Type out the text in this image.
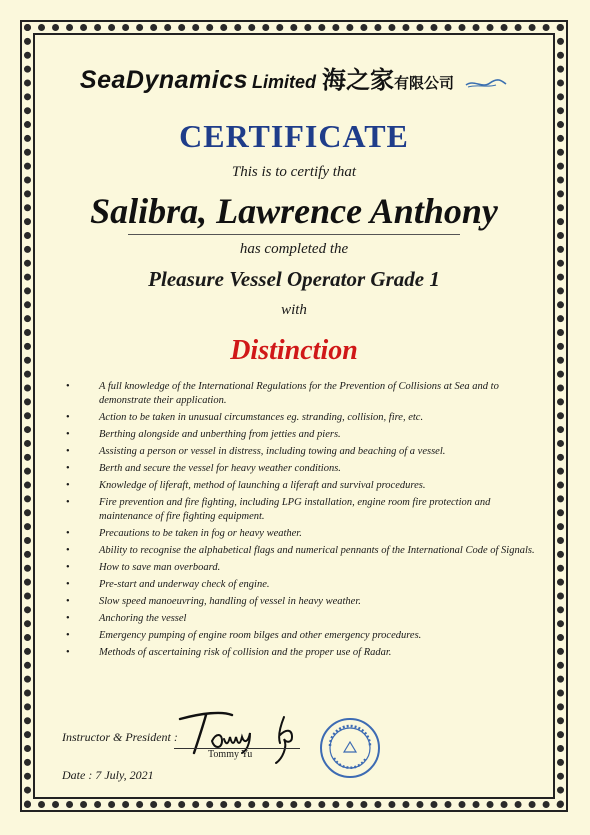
SeaDynamics Limited 海之家有限公司
CERTIFICATE
This is to certify that
Salibra, Lawrence Anthony
has completed the
Pleasure Vessel Operator Grade 1
with
Distinction
• A full knowledge of the International Regulations for the Prevention of Collisions at Sea and to demonstrate their application.
• Action to be taken in unusual circumstances eg. stranding, collision, fire, etc.
• Berthing alongside and unberthing from jetties and piers.
• Assisting a person or vessel in distress, including towing and beaching of a vessel.
• Berth and secure the vessel for heavy weather conditions.
• Knowledge of liferaft, method of launching a liferaft and survival procedures.
• Fire prevention and fire fighting, including LPG installation, engine room fire protection and maintenance of fire fighting equipment.
• Precautions to be taken in fog or heavy weather.
• Ability to recognise the alphabetical flags and numerical pennants of the International Code of Signals.
• How to save man overboard.
• Pre-start and underway check of engine.
• Slow speed manoeuvring, handling of vessel in heavy weather.
• Anchoring the vessel
• Emergency pumping of engine room bilges and other emergency procedures.
• Methods of ascertaining risk of collision and the proper use of Radar.
Instructor & President :
Tommy Yu
Date : 7 July, 2021
